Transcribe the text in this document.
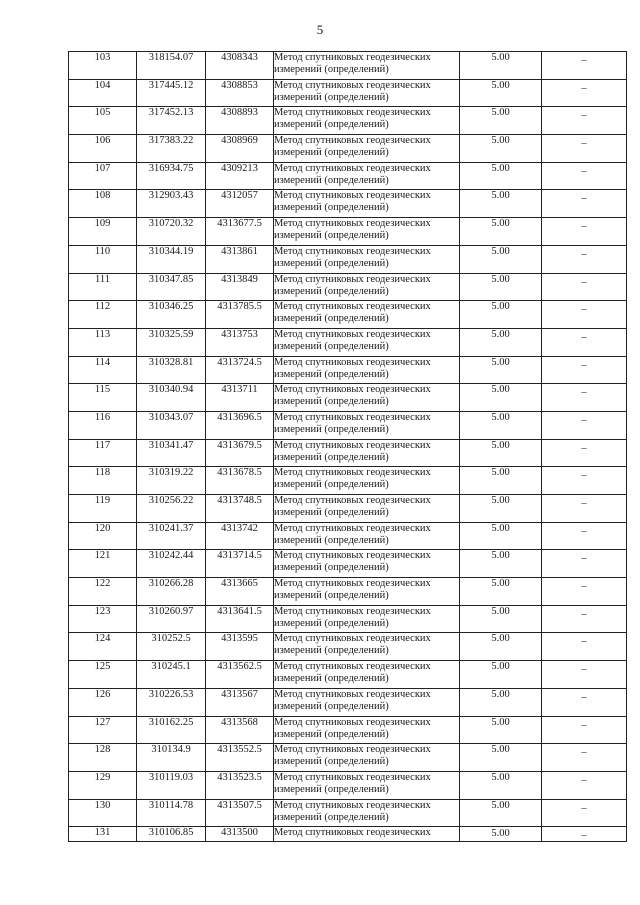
5
103	318154.07	4308343	Метод спутниковых геодезических измерений (определений)	5.00	_
104	317445.12	4308853	Метод спутниковых геодезических измерений (определений)	5.00	_
105	317452.13	4308893	Метод спутниковых геодезических измерений (определений)	5.00	_
106	317383.22	4308969	Метод спутниковых геодезических измерений (определений)	5.00	_
107	316934.75	4309213	Метод спутниковых геодезических измерений (определений)	5.00	_
108	312903.43	4312057	Метод спутниковых геодезических измерений (определений)	5.00	_
109	310720.32	4313677.5	Метод спутниковых геодезических измерений (определений)	5.00	_
110	310344.19	4313861	Метод спутниковых геодезических измерений (определений)	5.00	_
111	310347.85	4313849	Метод спутниковых геодезических измерений (определений)	5.00	_
112	310346.25	4313785.5	Метод спутниковых геодезических измерений (определений)	5.00	_
113	310325.59	4313753	Метод спутниковых геодезических измерений (определений)	5.00	_
114	310328.81	4313724.5	Метод спутниковых геодезических измерений (определений)	5.00	_
115	310340.94	4313711	Метод спутниковых геодезических измерений (определений)	5.00	_
116	310343.07	4313696.5	Метод спутниковых геодезических измерений (определений)	5.00	_
117	310341.47	4313679.5	Метод спутниковых геодезических измерений (определений)	5.00	_
118	310319.22	4313678.5	Метод спутниковых геодезических измерений (определений)	5.00	_
119	310256.22	4313748.5	Метод спутниковых геодезических измерений (определений)	5.00	_
120	310241.37	4313742	Метод спутниковых геодезических измерений (определений)	5.00	_
121	310242.44	4313714.5	Метод спутниковых геодезических измерений (определений)	5.00	_
122	310266.28	4313665	Метод спутниковых геодезических измерений (определений)	5.00	_
123	310260.97	4313641.5	Метод спутниковых геодезических измерений (определений)	5.00	_
124	310252.5	4313595	Метод спутниковых геодезических измерений (определений)	5.00	_
125	310245.1	4313562.5	Метод спутниковых геодезических измерений (определений)	5.00	_
126	310226.53	4313567	Метод спутниковых геодезических измерений (определений)	5.00	_
127	310162.25	4313568	Метод спутниковых геодезических измерений (определений)	5.00	_
128	310134.9	4313552.5	Метод спутниковых геодезических измерений (определений)	5.00	_
129	310119.03	4313523.5	Метод спутниковых геодезических измерений (определений)	5.00	_
130	310114.78	4313507.5	Метод спутниковых геодезических измерений (определений)	5.00	_
131	310106.85	4313500	Метод спутниковых геодезических	5.00	_
